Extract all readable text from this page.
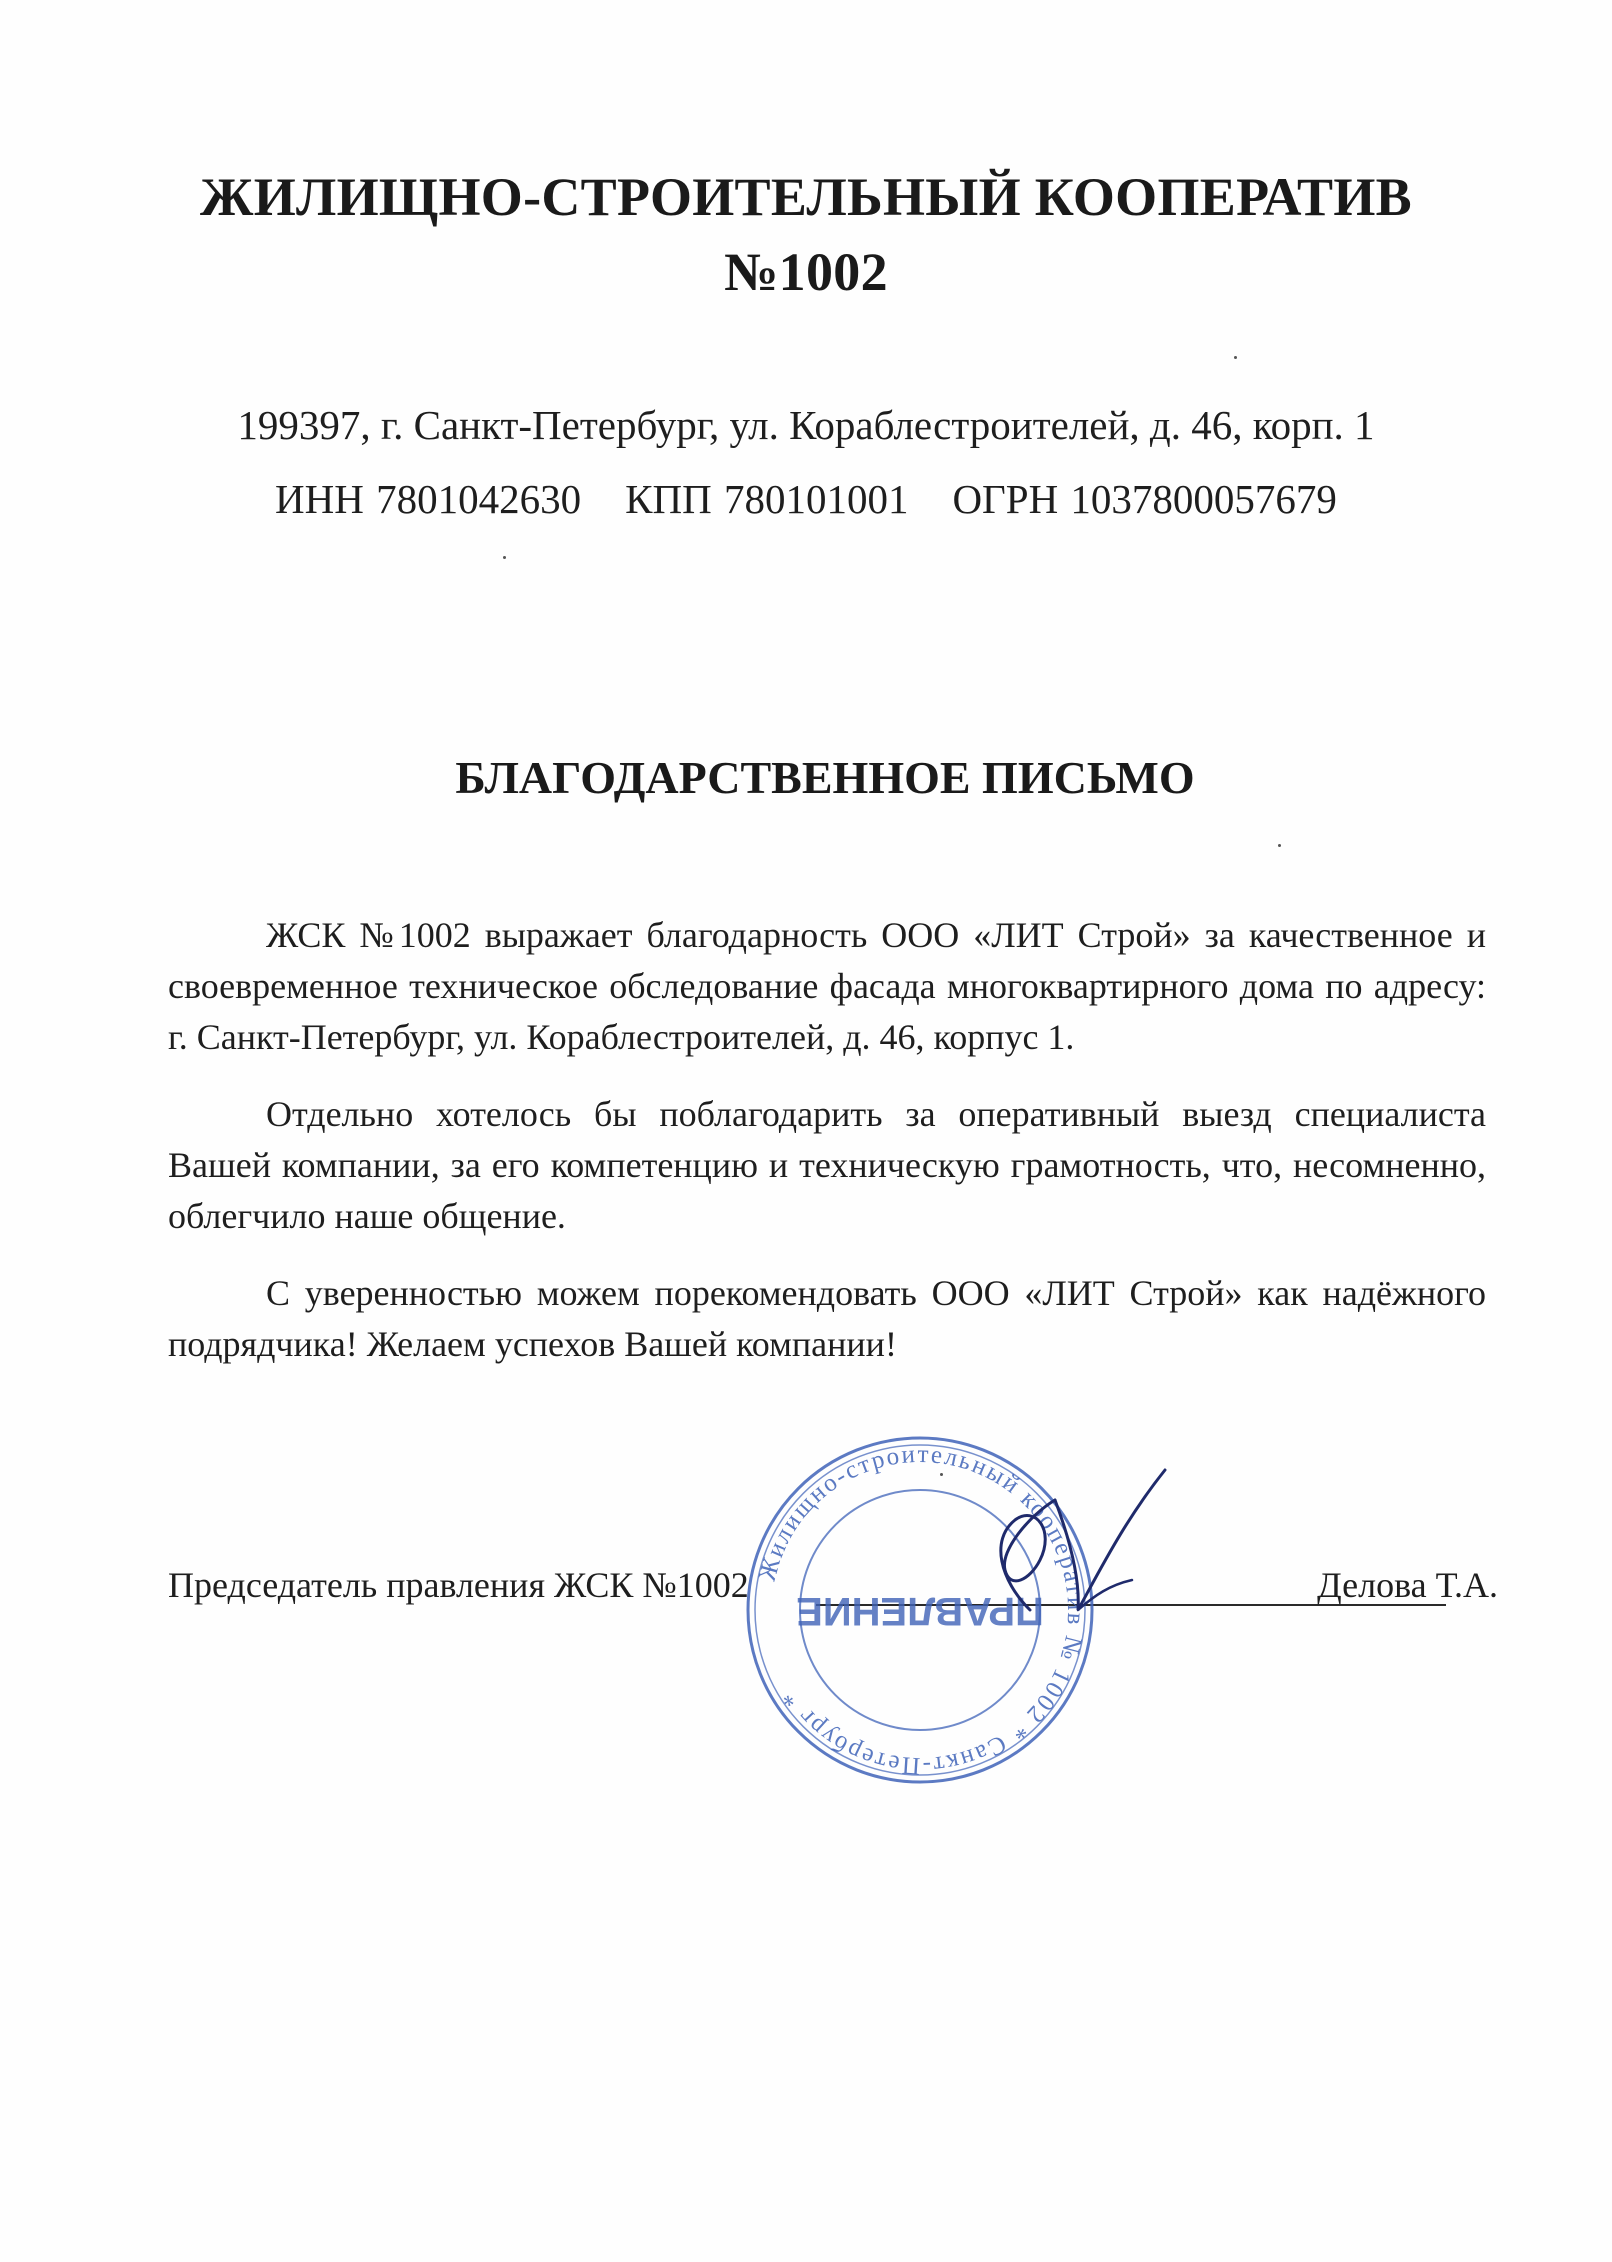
ЖИЛИЩНО-СТРОИТЕЛЬНЫЙ КООПЕРАТИВ
№1002
199397, г. Санкт-Петербург, ул. Кораблестроителей, д. 46, корп. 1
ИНН 7801042630 КПП 780101001 ОГРН 1037800057679
БЛАГОДАРСТВЕННОЕ ПИСЬМО

ЖСК №1002 выражает благодарность ООО «ЛИТ Строй» за качественное и своевременное техническое обследование фасада многоквартирного дома по адресу: г. Санкт-Петербург, ул. Кораблестроителей, д. 46, корпус 1.

Отдельно хотелось бы поблагодарить за оперативный выезд специалиста Вашей компании, за его компетенцию и техническую грамотность, что, несомненно, облегчило наше общение.

С уверенностью можем порекомендовать ООО «ЛИТ Строй» как надёжного подрядчика! Желаем успехов Вашей компании!

Председатель правления ЖСК №1002	Делова Т.А.
Жилищно-строительный кооператив № 1002 * Санкт-Петербург *
ПРАВЛЕНИЕ
